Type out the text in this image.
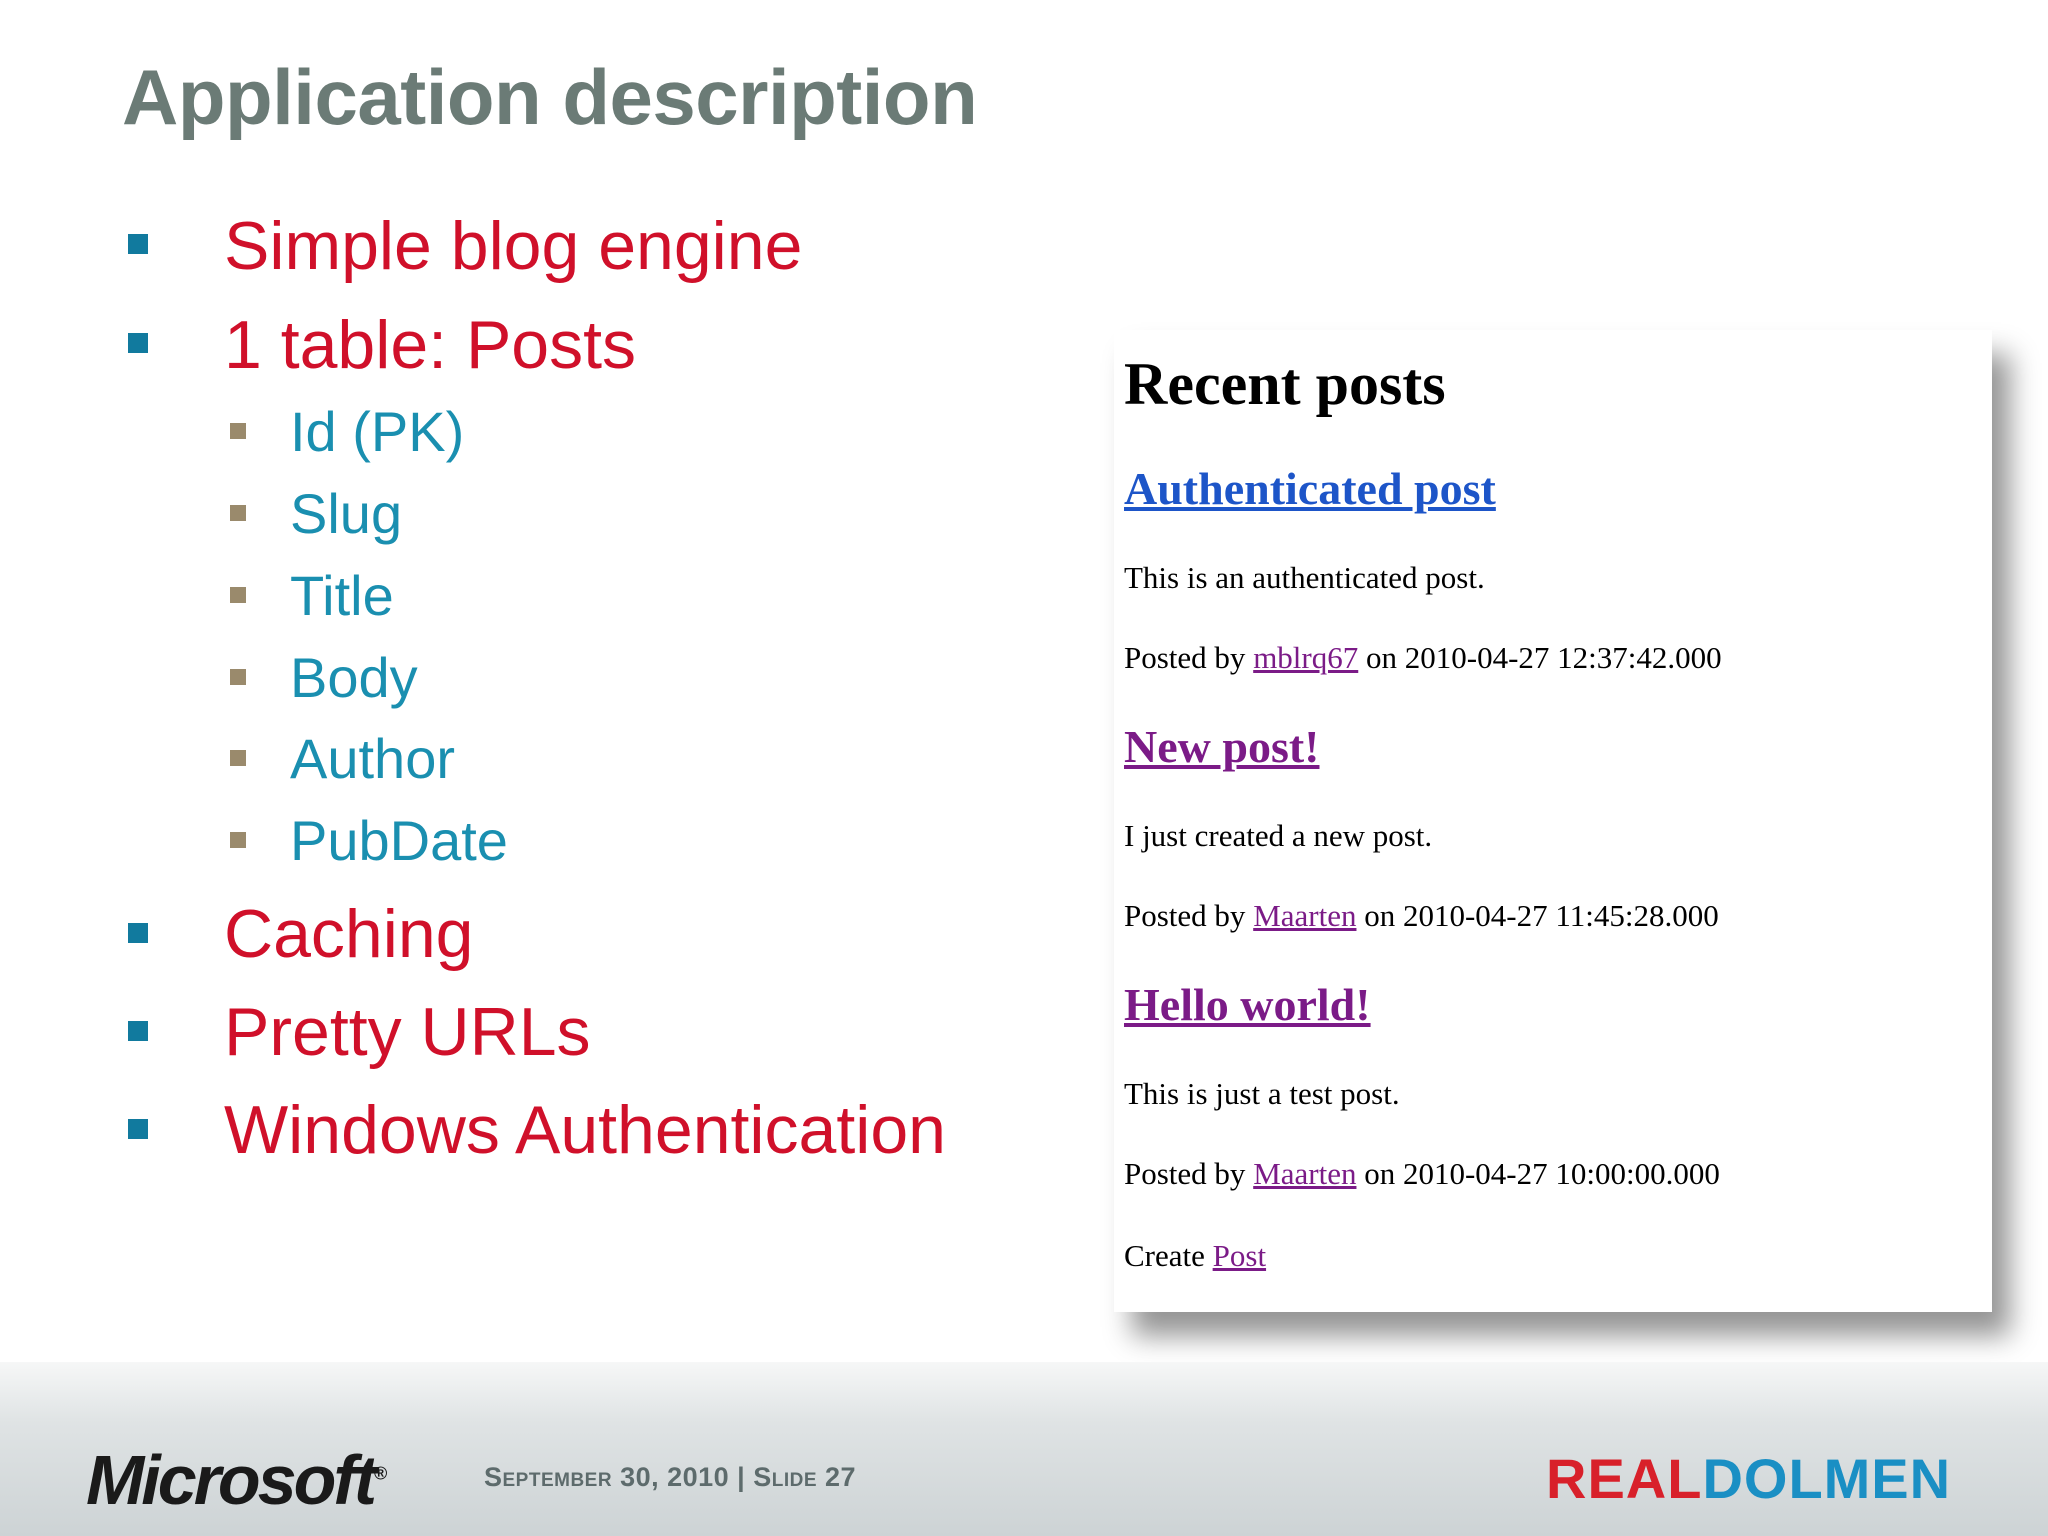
Application description
Simple blog engine
1 table: Posts
Id (PK)
Slug
Title
Body
Author
PubDate
Caching
Pretty URLs
Windows Authentication
Recent posts
Authenticated post
This is an authenticated post.
Posted by mblrq67 on 2010-04-27 12:37:42.000
New post!
I just created a new post.
Posted by Maarten on 2010-04-27 11:45:28.000
Hello world!
This is just a test post.
Posted by Maarten on 2010-04-27 10:00:00.000
Create Post
Microsoft®	September 30, 2010 | Slide 27	REALDOLMEN
